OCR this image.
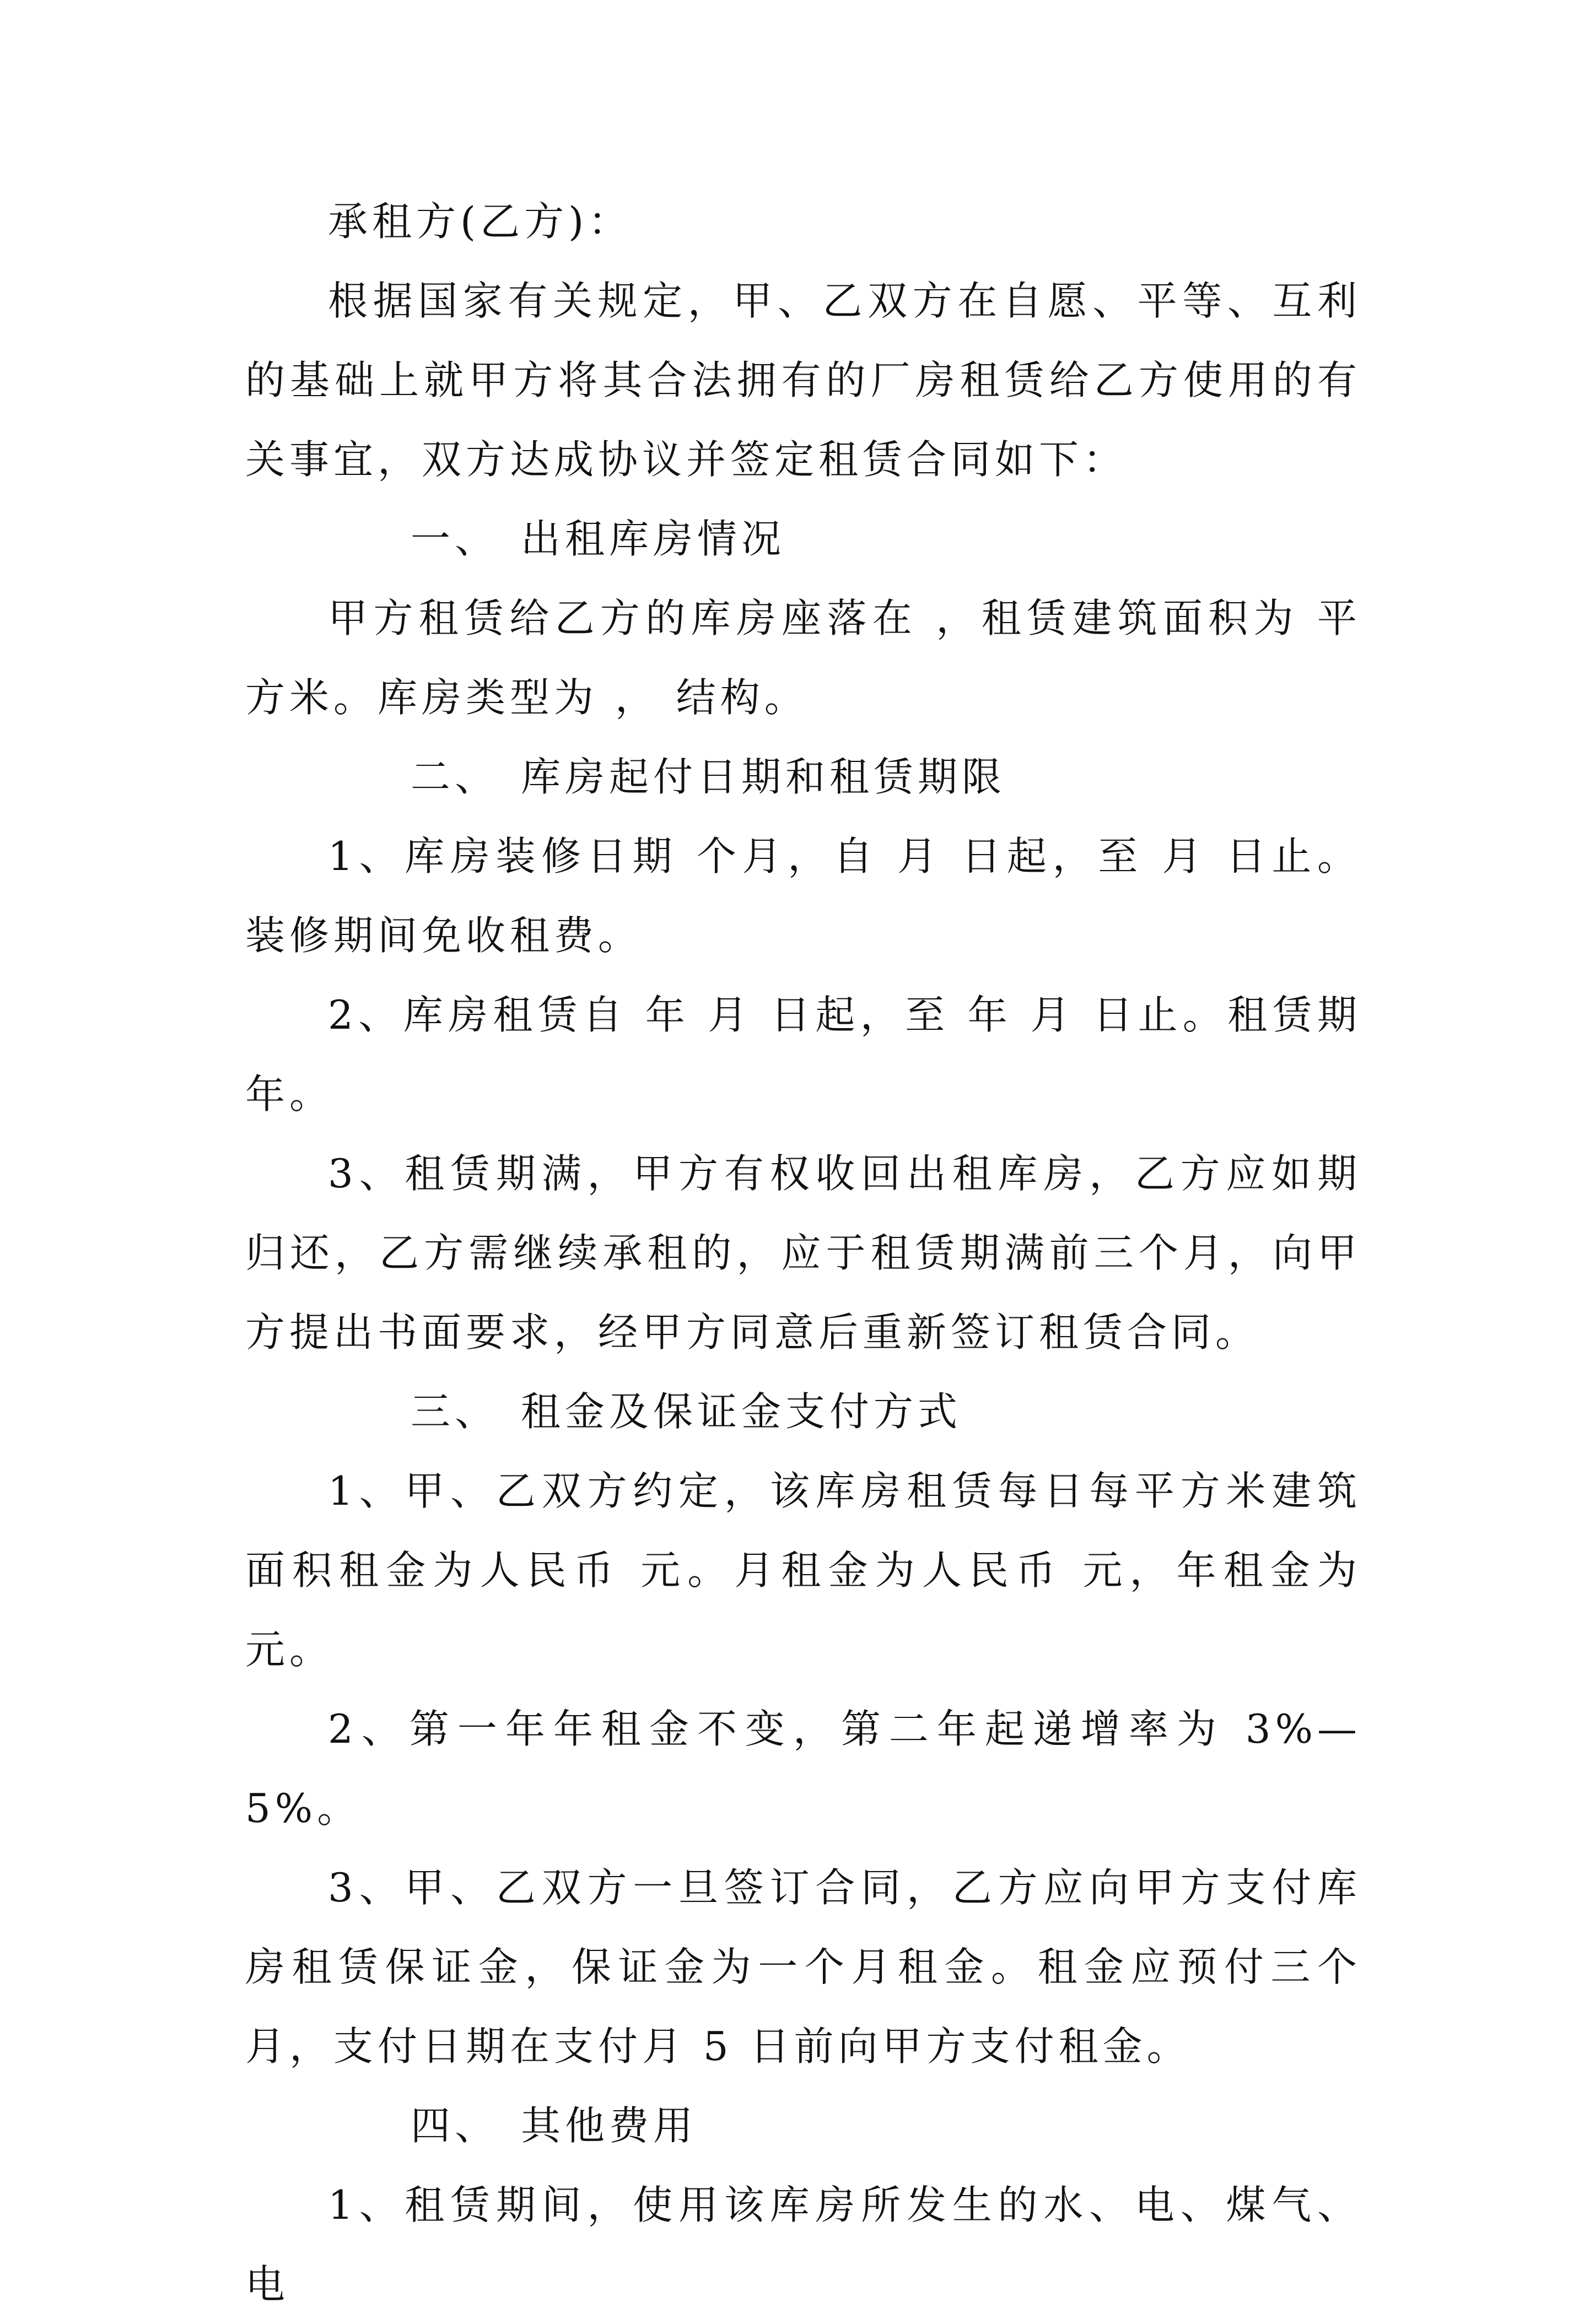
承租方(乙方)：

根据国家有关规定，甲、乙双方在自愿、平等、互利的基础上就甲方将其合法拥有的厂房租赁给乙方使用的有关事宜，双方达成协议并签定租赁合同如下：

一、 出租库房情况

甲方租赁给乙方的库房座落在 ，租赁建筑面积为 平方米。库房类型为 ， 结构。

二、 库房起付日期和租赁期限

1、库房装修日期 个月，自 月 日起，至 月 日止。装修期间免收租费。

2、库房租赁自 年 月 日起，至 年 月 日止。租赁期 年。

3、租赁期满，甲方有权收回出租库房，乙方应如期归还，乙方需继续承租的，应于租赁期满前三个月，向甲方提出书面要求，经甲方同意后重新签订租赁合同。

三、 租金及保证金支付方式

1、甲、乙双方约定，该库房租赁每日每平方米建筑面积租金为人民币 元。月租金为人民币 元，年租金为 元。

2、第一年年租金不变，第二年起递增率为 3%—5%。

3、甲、乙双方一旦签订合同，乙方应向甲方支付库房租赁保证金，保证金为一个月租金。租金应预付三个月，支付日期在支付月 5 日前向甲方支付租金。

四、 其他费用

1、租赁期间，使用该库房所发生的水、电、煤气、电
